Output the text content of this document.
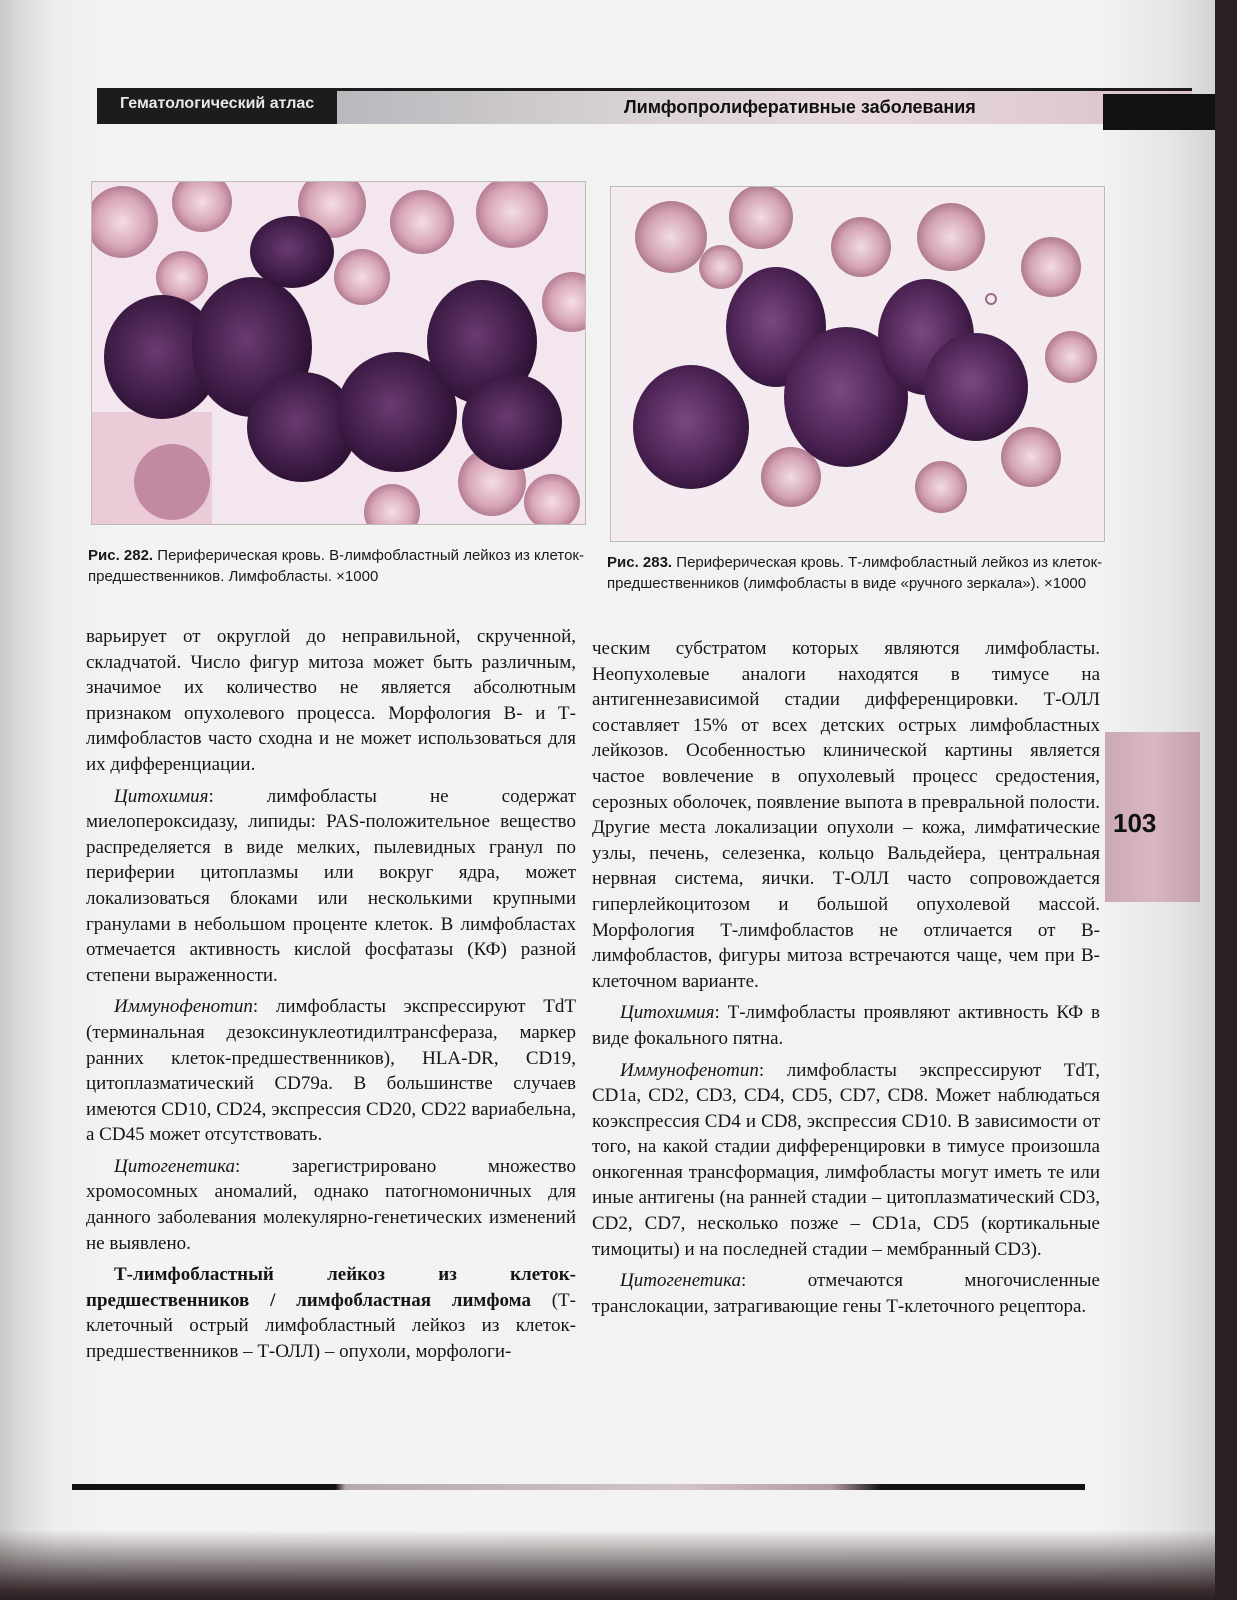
Гематологический атлас	Лимфопролиферативные заболевания

Рис. 282. Периферическая кровь. В-лимфобластный лейкоз из клеток-предшественников. Лимфобласты. ×1000

Рис. 283. Периферическая кровь. Т-лимфобластный лейкоз из клеток-предшественников (лимфобласты в виде «ручного зеркала»). ×1000

варьирует от округлой до неправильной, скрученной, складчатой. Число фигур митоза может быть различным, значимое их количество не является абсолютным признаком опухолевого процесса. Морфология В- и Т-лимфобластов часто сходна и не может использоваться для их дифференциации.

Цитохимия: лимфобласты не содержат миелопероксидазу, липиды: PAS-положительное вещество распределяется в виде мелких, пылевидных гранул по периферии цитоплазмы или вокруг ядра, может локализоваться блоками или несколькими крупными гранулами в небольшом проценте клеток. В лимфобластах отмечается активность кислой фосфатазы (КФ) разной степени выраженности.

Иммунофенотип: лимфобласты экспрессируют TdT (терминальная дезоксинуклеотидилтрансфераза, маркер ранних клеток-предшественников), HLA-DR, CD19, цитоплазматический CD79a. В большинстве случаев имеются CD10, CD24, экспрессия CD20, CD22 вариабельна, а CD45 может отсутствовать.

Цитогенетика: зарегистрировано множество хромосомных аномалий, однако патогномоничных для данного заболевания молекулярно-генетических изменений не выявлено.

Т-лимфобластный лейкоз из клеток-предшественников / лимфобластная лимфома (Т-клеточный острый лимфобластный лейкоз из клеток-предшественников – Т-ОЛЛ) – опухоли, морфологи-

ческим субстратом которых являются лимфобласты. Неопухолевые аналоги находятся в тимусе на антигеннезависимой стадии дифференцировки. Т-ОЛЛ составляет 15% от всех детских острых лимфобластных лейкозов. Особенностью клинической картины является частое вовлечение в опухолевый процесс средостения, серозных оболочек, появление выпота в превральной полости. Другие места локализации опухоли – кожа, лимфатические узлы, печень, селезенка, кольцо Вальдейера, центральная нервная система, яички. Т-ОЛЛ часто сопровождается гиперлейкоцитозом и большой опухолевой массой. Морфология Т-лимфобластов не отличается от В-лимфобластов, фигуры митоза встречаются чаще, чем при В-клеточном варианте.

Цитохимия: Т-лимфобласты проявляют активность КФ в виде фокального пятна.

Иммунофенотип: лимфобласты экспрессируют TdT, CD1a, CD2, CD3, CD4, CD5, CD7, CD8. Может наблюдаться коэкспрессия CD4 и CD8, экспрессия CD10. В зависимости от того, на какой стадии дифференцировки в тимусе произошла онкогенная трансформация, лимфобласты могут иметь те или иные антигены (на ранней стадии – цитоплазматический CD3, CD2, CD7, несколько позже – CD1a, CD5 (кортикальные тимоциты) и на последней стадии – мембранный CD3).

Цитогенетика: отмечаются многочисленные транслокации, затрагивающие гены Т-клеточного рецептора.

103
